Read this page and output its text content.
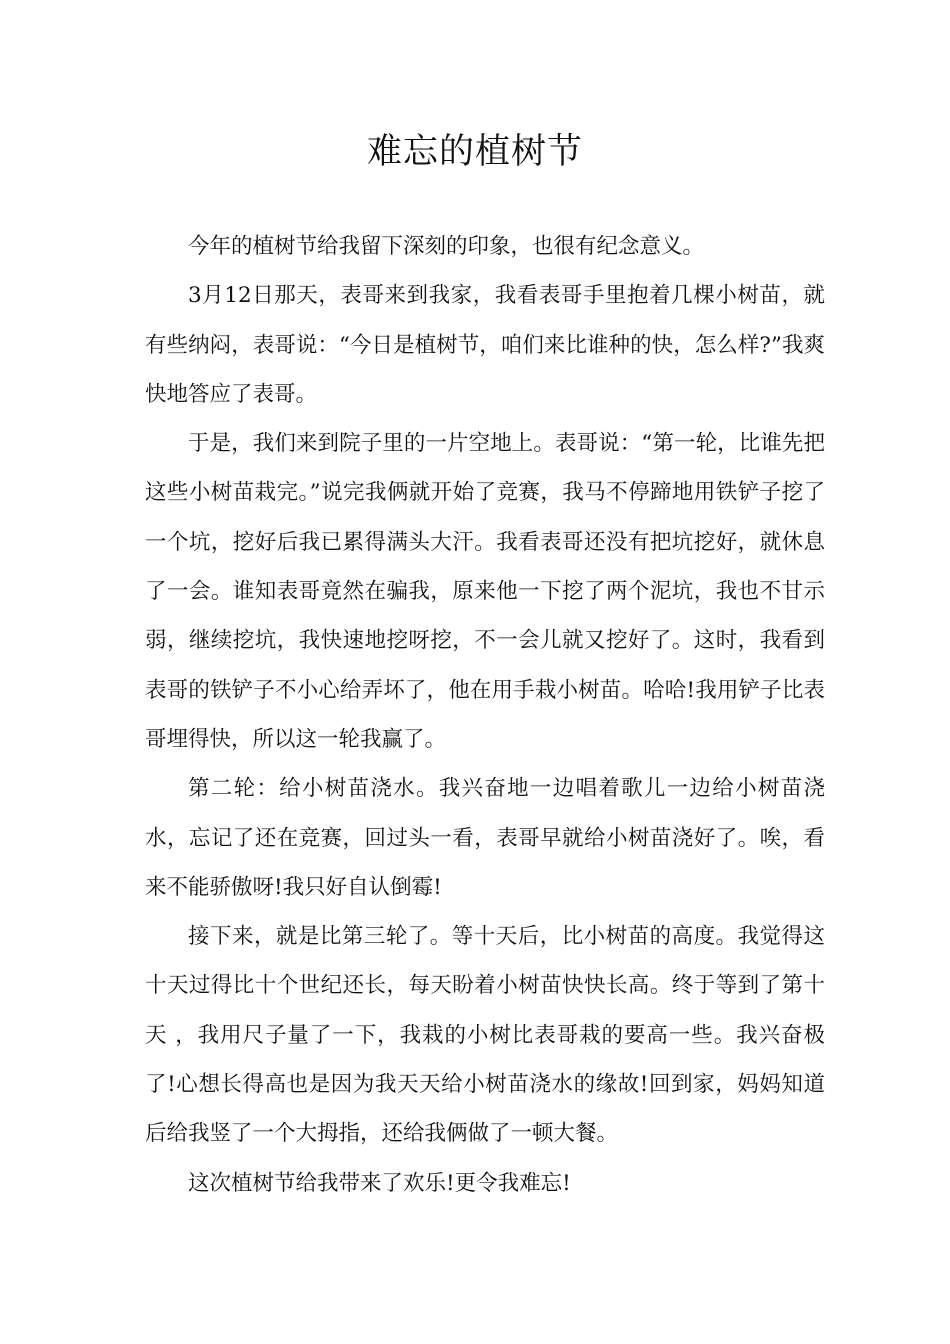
难忘的植树节

今年的植树节给我留下深刻的印象，也很有纪念意义。

3月12日那天，表哥来到我家，我看表哥手里抱着几棵小树苗，就有些纳闷，表哥说：“今日是植树节，咱们来比谁种的快，怎么样?”我爽快地答应了表哥。

于是，我们来到院子里的一片空地上。表哥说：“第一轮，比谁先把这些小树苗栽完。”说完我俩就开始了竞赛，我马不停蹄地用铁铲子挖了一个坑，挖好后我已累得满头大汗。我看表哥还没有把坑挖好，就休息了一会。谁知表哥竟然在骗我，原来他一下挖了两个泥坑，我也不甘示弱，继续挖坑，我快速地挖呀挖，不一会儿就又挖好了。这时，我看到表哥的铁铲子不小心给弄坏了，他在用手栽小树苗。哈哈!我用铲子比表哥埋得快，所以这一轮我赢了。

第二轮：给小树苗浇水。我兴奋地一边唱着歌儿一边给小树苗浇水，忘记了还在竞赛，回过头一看，表哥早就给小树苗浇好了。唉，看来不能骄傲呀!我只好自认倒霉!

接下来，就是比第三轮了。等十天后，比小树苗的高度。我觉得这十天过得比十个世纪还长，每天盼着小树苗快快长高。终于等到了第十天 ，我用尺子量了一下，我栽的小树比表哥栽的要高一些。我兴奋极了!心想长得高也是因为我天天给小树苗浇水的缘故!回到家，妈妈知道后给我竖了一个大拇指，还给我俩做了一顿大餐。

这次植树节给我带来了欢乐!更令我难忘!
